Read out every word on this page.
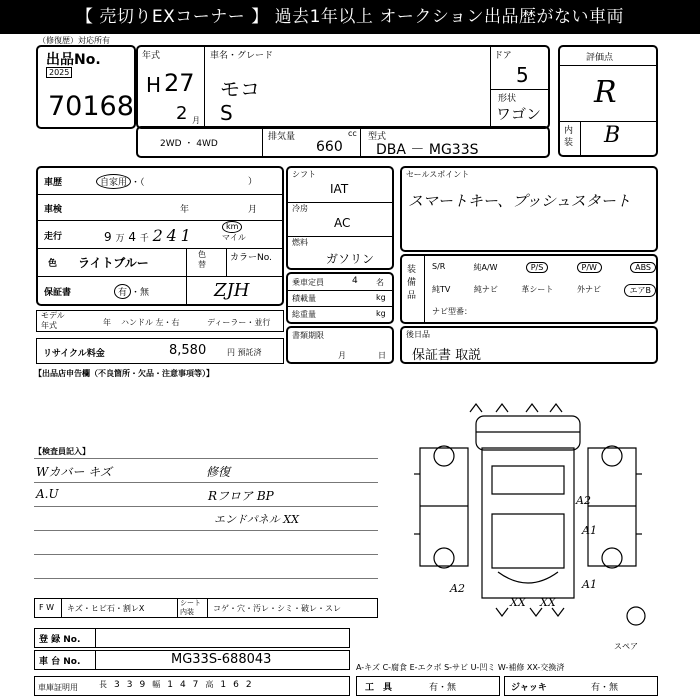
【 売切りEXコーナー 】 過去1年以上 オークション出品歴がない車両
（修復歴）対応所有
出品No.
2025
70168
年式
H 27
2 月
車名・グレード
モコ
S
ドア
5
形状
ワゴン
評価点
R
内装 B
2WD ・ 4WD
排気量	cc
660
型式
DBA － MG33S
車歴	自家用 ・（	）
車検	年	月
走行	9 万 4 千 2 4 1	km
マイル
色 ライトブルー
色替
カラーNo.
保証書	有 ・無	ZJH
モデル年式	年 ハンドル 左・右	ディーラー・並行
リサイクル料金	8,580	円 預託済
シフト
IAT
冷房
AC
燃料
ガソリン
乗車定員	4 名
積載量	kg
総重量	kg
書類期限
月	日
セールスポイント
スマートキー、プッシュスタート
装備品
S/R	純A/W	P/S	P/W	ABS
純TV	純ナビ	革シート	外ナビ	エアB
ナビ型番：
後日品
保証書 取説
【出品店申告欄（不良箇所・欠品・注意事項等）】
【検査員記入】
Wカバー キズ
A.U
修復
Rフロア BP
エンドパネル XX
A2
A1
A2	A1
XX XX
スペア
F W キズ・ヒビ石・割レX
シート内装	コゲ・穴・汚レ・シミ・破レ・スレ
登 録 No.
車 台 No.	MG33S-688043
A-キズ C-腐食 E-エクボ S-サビ U-凹ミ W-補修 XX-交換済
車庫証明用	長 3 3 9 幅 1 4 7 高 1 6 2	工　具	有・無	ジャッキ	有・無
